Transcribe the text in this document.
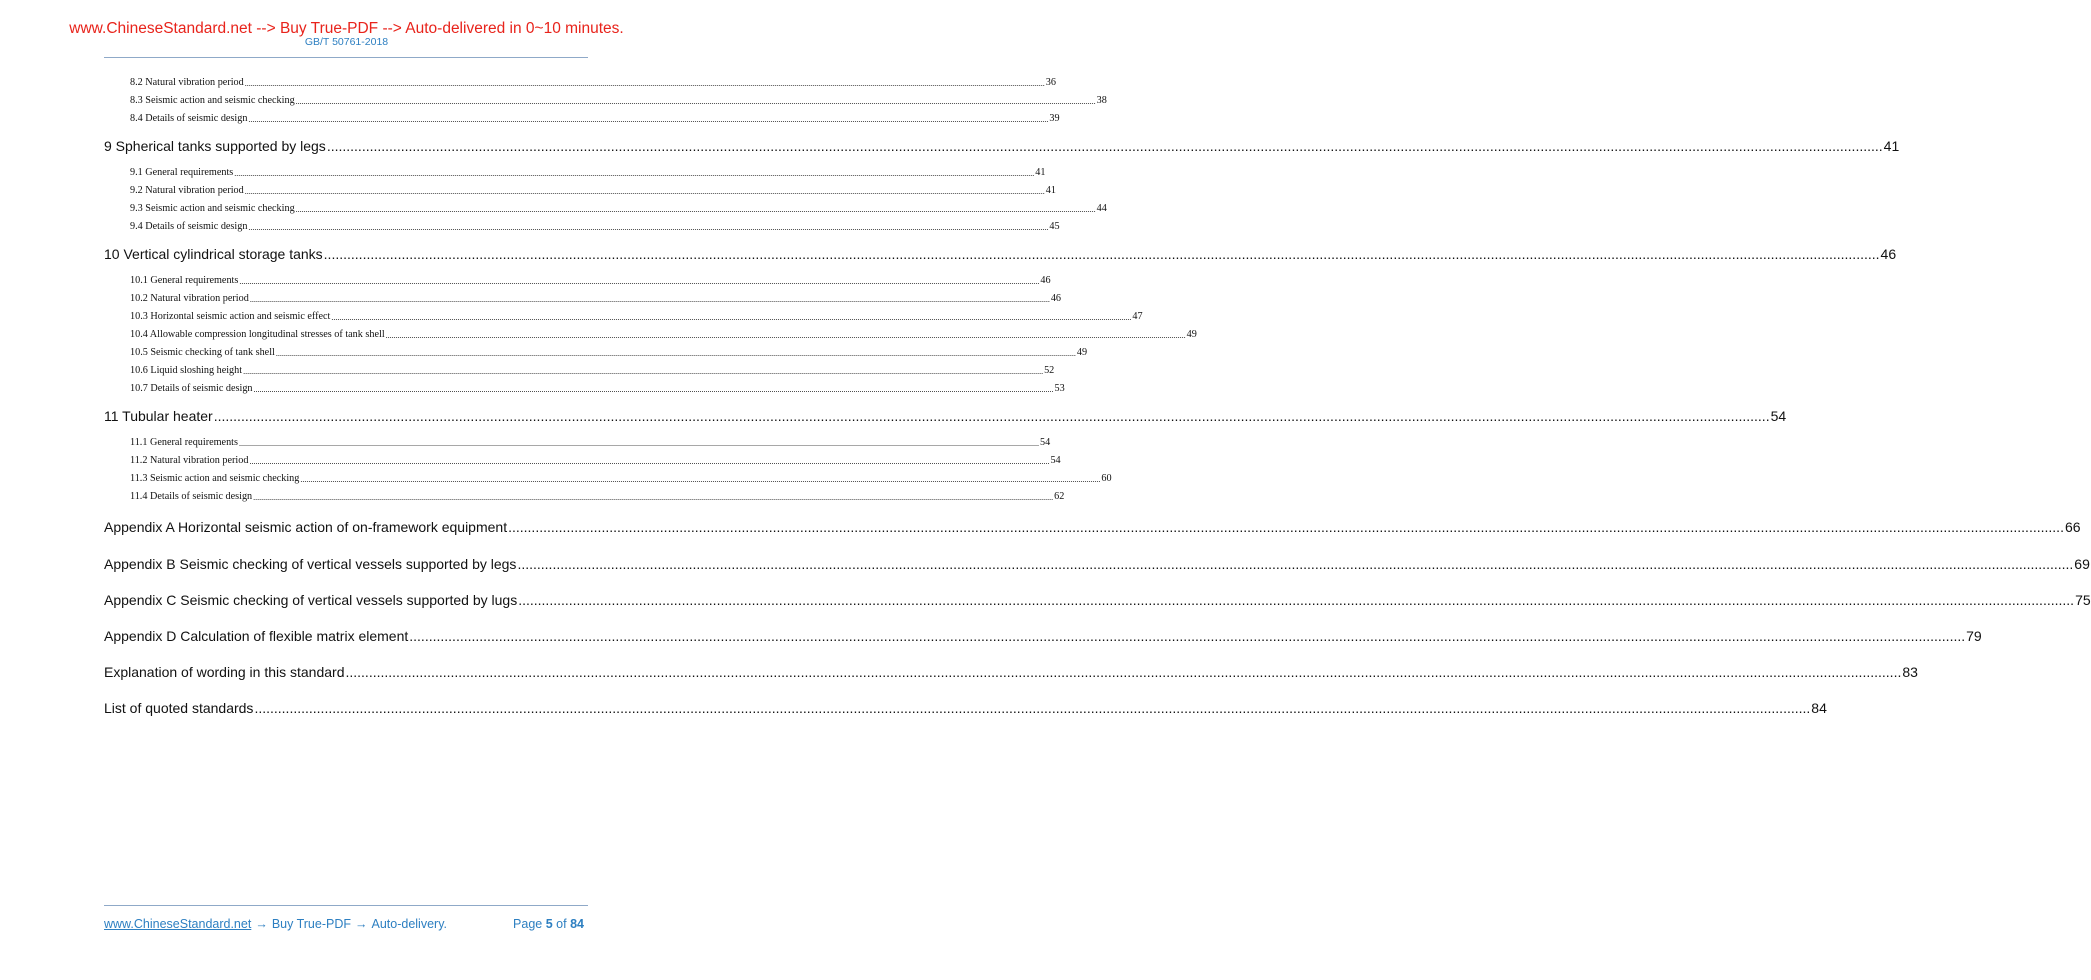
www.ChineseStandard.net --> Buy True-PDF --> Auto-delivered in 0~10 minutes.
GB/T 50761-2018
8.2 Natural vibration period ................................................................................................................................................................................................................................................................................................................................................................................................................ 36
8.3 Seismic action and seismic checking ................................................................................................................................................................................................................................................................................................................................................................................................................ 38
8.4 Details of seismic design ................................................................................................................................................................................................................................................................................................................................................................................................................ 39
9 Spherical tanks supported by legs ................................................................................................................................................................................................................................................................................................................................................................................................................ 41
9.1 General requirements ................................................................................................................................................................................................................................................................................................................................................................................................................ 41
9.2 Natural vibration period ................................................................................................................................................................................................................................................................................................................................................................................................................ 41
9.3 Seismic action and seismic checking ................................................................................................................................................................................................................................................................................................................................................................................................................ 44
9.4 Details of seismic design ................................................................................................................................................................................................................................................................................................................................................................................................................ 45
10 Vertical cylindrical storage tanks ................................................................................................................................................................................................................................................................................................................................................................................................................ 46
10.1 General requirements ................................................................................................................................................................................................................................................................................................................................................................................................................ 46
10.2 Natural vibration period ................................................................................................................................................................................................................................................................................................................................................................................................................ 46
10.3 Horizontal seismic action and seismic effect ................................................................................................................................................................................................................................................................................................................................................................................................................ 47
10.4 Allowable compression longitudinal stresses of tank shell ................................................................................................................................................................................................................................................................................................................................................................................................................ 49
10.5 Seismic checking of tank shell ................................................................................................................................................................................................................................................................................................................................................................................................................ 49
10.6 Liquid sloshing height ................................................................................................................................................................................................................................................................................................................................................................................................................ 52
10.7 Details of seismic design ................................................................................................................................................................................................................................................................................................................................................................................................................ 53
11 Tubular heater ................................................................................................................................................................................................................................................................................................................................................................................................................ 54
11.1 General requirements ................................................................................................................................................................................................................................................................................................................................................................................................................ 54
11.2 Natural vibration period ................................................................................................................................................................................................................................................................................................................................................................................................................ 54
11.3 Seismic action and seismic checking ................................................................................................................................................................................................................................................................................................................................................................................................................ 60
11.4 Details of seismic design ................................................................................................................................................................................................................................................................................................................................................................................................................ 62
Appendix A Horizontal seismic action of on-framework equipment ................................................................................................................................................................................................................................................................................................................................................................................................................ 66
Appendix B Seismic checking of vertical vessels supported by legs ................................................................................................................................................................................................................................................................................................................................................................................................................ 69
Appendix C Seismic checking of vertical vessels supported by lugs ................................................................................................................................................................................................................................................................................................................................................................................................................ 75
Appendix D Calculation of flexible matrix element ................................................................................................................................................................................................................................................................................................................................................................................................................ 79
Explanation of wording in this standard ................................................................................................................................................................................................................................................................................................................................................................................................................ 83
List of quoted standards ................................................................................................................................................................................................................................................................................................................................................................................................................ 84
www.ChineseStandard.net → Buy True-PDF → Auto-delivery.	Page 5 of 84
